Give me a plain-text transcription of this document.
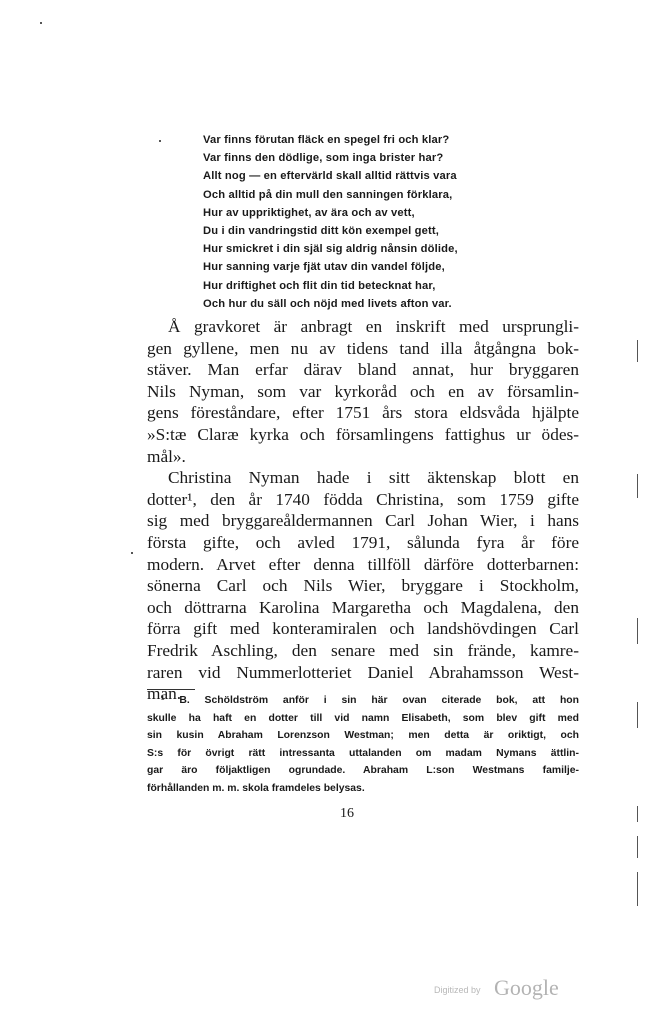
Var finns förutan fläck en spegel fri och klar?
Var finns den dödlige, som inga brister har?
Allt nog — en eftervärld skall alltid rättvis vara
Och alltid på din mull den sanningen förklara,
Hur av uppriktighet, av ära och av vett,
Du i din vandringstid ditt kön exempel gett,
Hur smickret i din själ sig aldrig nånsin dölide,
Hur sanning varje fjät utav din vandel följde,
Hur driftighet och flit din tid betecknat har,
Och hur du säll och nöjd med livets afton var.
Å gravkoret är anbragt en inskrift med ursprungli-
gen gyllene, men nu av tidens tand illa åtgångna bok-
stäver. Man erfar därav bland annat, hur bryggaren
Nils Nyman, som var kyrkoråd och en av församlin-
gens föreståndare, efter 1751 års stora eldsvåda hjälpte
»S:tæ Claræ kyrka och församlingens fattighus ur ödes-
mål».
Christina Nyman hade i sitt äktenskap blott en
dotter¹, den år 1740 födda Christina, som 1759 gifte
sig med bryggareåldermannen Carl Johan Wier, i hans
första gifte, och avled 1791, sålunda fyra år före
modern. Arvet efter denna tillföll därföre dotterbarnen:
sönerna Carl och Nils Wier, bryggare i Stockholm,
och döttrarna Karolina Margaretha och Magdalena, den
förra gift med konteramiralen och landshövdingen Carl
Fredrik Aschling, den senare med sin frände, kamre-
raren vid Nummerlotteriet Daniel Abrahamsson West-
man.
¹ B. Schöldström anför i sin här ovan citerade bok, att hon
skulle ha haft en dotter till vid namn Elisabeth, som blev gift med
sin kusin Abraham Lorenzson Westman; men detta är oriktigt, och
S:s för övrigt rätt intressanta uttalanden om madam Nymans ättlin-
gar äro följaktligen ogrundade. Abraham L:son Westmans familje-
förhållanden m. m. skola framdeles belysas.
16
Digitized by Google
